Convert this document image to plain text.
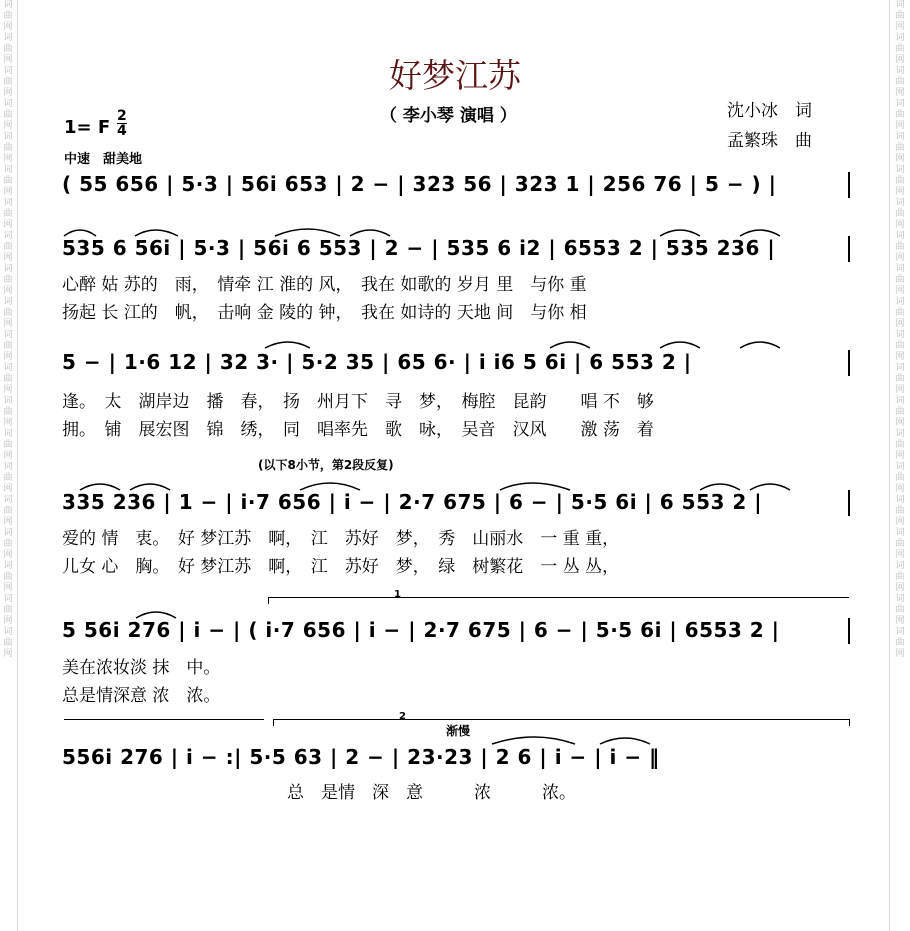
词曲网
词曲网
词曲网
词曲网
词曲网
词曲网
词曲网
词曲网
词曲网
词曲网
词曲网
词曲网
词曲网
词曲网
词曲网
词曲网
词曲网
词曲网
词曲网
词曲网
词曲网
词曲网
词曲网
词曲网
词曲网
词曲网
词曲网
词曲网
词曲网
词曲网
词曲网
词曲网
词曲网
词曲网
词曲网
词曲网
词曲网
词曲网
词曲网
词曲网
好梦江苏
（ 李小琴 演唱 ）	沈小冰　词
孟繁珠　曲
1= F
2
4
中速　甜美地
( 55 656 | 5·3 | 56i 653 | 2 − | 323 56 | 323 1 | 256 76 | 5 − ) |
535 6 56i | 5·3 | 56i 6 553 | 2 − | 535 6 i2 | 6553 2 | 535 236 |
心醉 姑 苏的　雨，　情牵 江 淮的 风，　我在 如歌的 岁月 里　与你 重
扬起 长 江的　帆，　击响 金 陵的 钟，　我在 如诗的 天地 间　与你 相
5 − | 1·6 12 | 32 3· | 5·2 35 | 65 6· | i i6 5 6i | 6 553 2 |
逢。　太　湖岸边　播　春，　扬　州月下　寻　梦，　梅腔　昆韵　　唱 不　够
拥。　铺　展宏图　锦　绣，　同　唱率先　歌　咏，　吴音　汉风　　激 荡　着
(以下8小节，第2段反复)
335 236 | 1 − | i·7 656 | i − | 2·7 675 | 6 − | 5·5 6i | 6 553 2 |
爱的 情　衷。　好 梦江苏　啊，　江　苏好　梦，　秀　山丽水　一 重 重，
儿女 心　胸。　好 梦江苏　啊，　江　苏好　梦，　绿　树繁花　一 丛 丛，
1
5 56i 276 | i − | ( i·7 656 | i − | 2·7 675 | 6 − | 5·5 6i | 6553 2 |
美在浓妆淡 抹　中。
总是情深意 浓　浓。
2
渐慢
556i 276 | i − :| 5·5 63 | 2 − | 23·23 | 2 6 | i − | i − ‖
总　是情　深　意　　　浓　　　浓。
